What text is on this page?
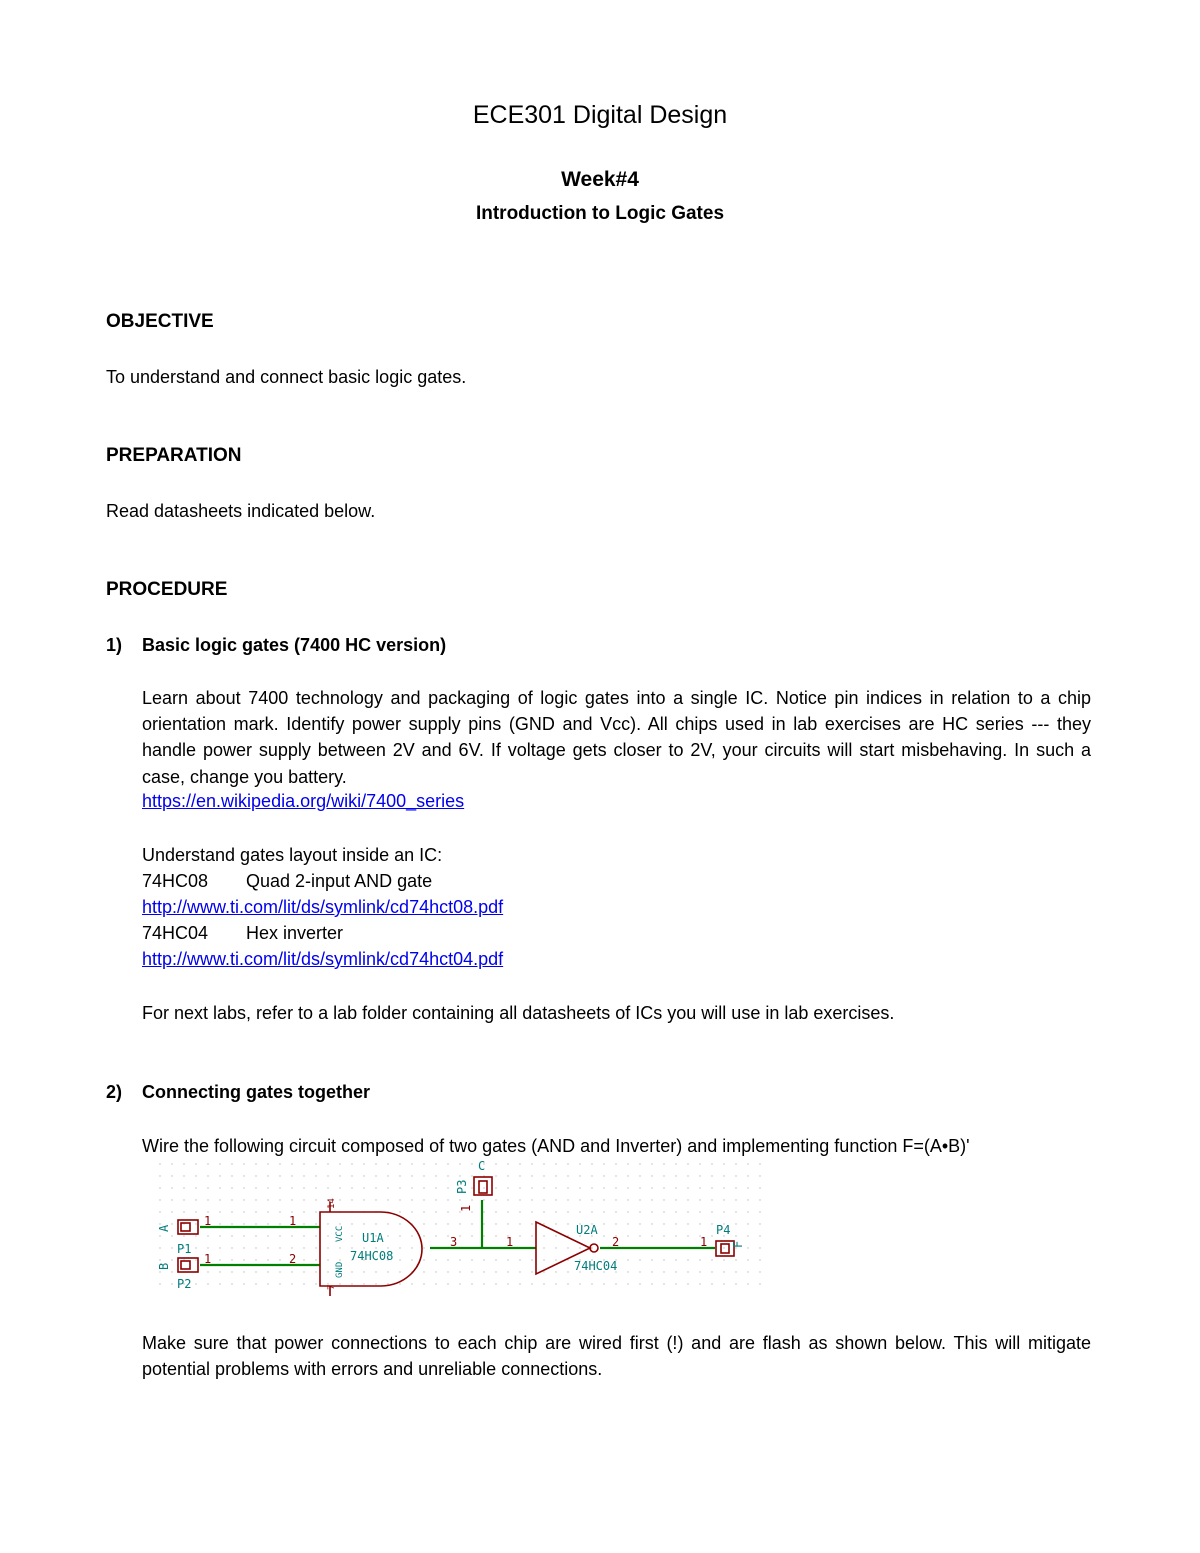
ECE301 Digital Design
Week#4
Introduction to Logic Gates
OBJECTIVE
To understand and connect basic logic gates.
PREPARATION
Read datasheets indicated below.
PROCEDURE
1) Basic logic gates (7400 HC version)
Learn about 7400 technology and packaging of logic gates into a single IC. Notice pin indices in relation to a chip orientation mark. Identify power supply pins (GND and Vcc). All chips used in lab exercises are HC series --- they handle power supply between 2V and 6V. If voltage gets closer to 2V, your circuits will start misbehaving. In such a case, change you battery.
https://en.wikipedia.org/wiki/7400_series
Understand gates layout inside an IC:
74HC08 Quad 2-input AND gate
http://www.ti.com/lit/ds/symlink/cd74hct08.pdf
74HC04 Hex inverter
http://www.ti.com/lit/ds/symlink/cd74hct04.pdf
For next labs, refer to a lab folder containing all datasheets of ICs you will use in lab exercises.
2) Connecting gates together
Wire the following circuit composed of two gates (AND and Inverter) and implementing function F=(A•B)'
1
1
1
2
3	1	2	1
1
14
7
A
B
P1
P2
C
P3
P4
F
U1A
74HC08
U2A
74HC04
VCC
GND
Make sure that power connections to each chip are wired first (!) and are flash as shown below. This will mitigate potential problems with errors and unreliable connections.
